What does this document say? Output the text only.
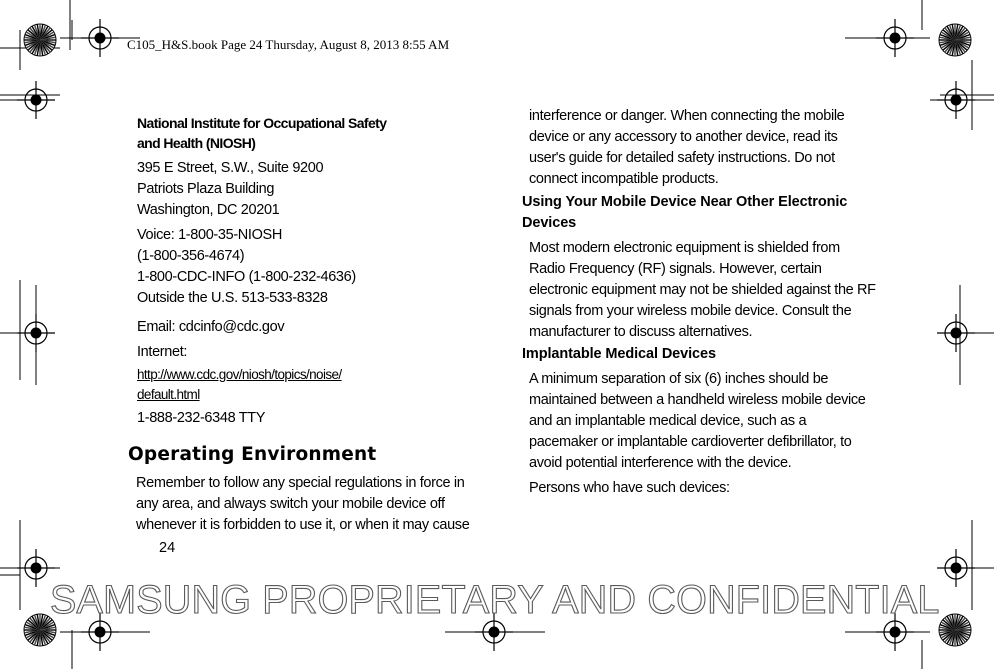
C105_H&S.book Page 24 Thursday, August 8, 2013 8:55 AM
National Institute for Occupational Safety
and Health (NIOSH)
395 E Street, S.W., Suite 9200
Patriots Plaza Building
Washington, DC 20201
Voice: 1-800-35-NIOSH
(1-800-356-4674)
1-800-CDC-INFO (1-800-232-4636)
Outside the U.S. 513-533-8328
Email: cdcinfo@cdc.gov
Internet:
http://www.cdc.gov/niosh/topics/noise/
default.html
1-888-232-6348 TTY
Operating Environment
Remember to follow any special regulations in force in
any area, and always switch your mobile device off
whenever it is forbidden to use it, or when it may cause
24
interference or danger. When connecting the mobile
device or any accessory to another device, read its
user's guide for detailed safety instructions. Do not
connect incompatible products.
Using Your Mobile Device Near Other Electronic
Devices
Most modern electronic equipment is shielded from
Radio Frequency (RF) signals. However, certain
electronic equipment may not be shielded against the RF
signals from your wireless mobile device. Consult the
manufacturer to discuss alternatives.
Implantable Medical Devices
A minimum separation of six (6) inches should be
maintained between a handheld wireless mobile device
and an implantable medical device, such as a
pacemaker or implantable cardioverter defibrillator, to
avoid potential interference with the device.
Persons who have such devices:
SAMSUNG PROPRIETARY AND CONFIDENTIAL
